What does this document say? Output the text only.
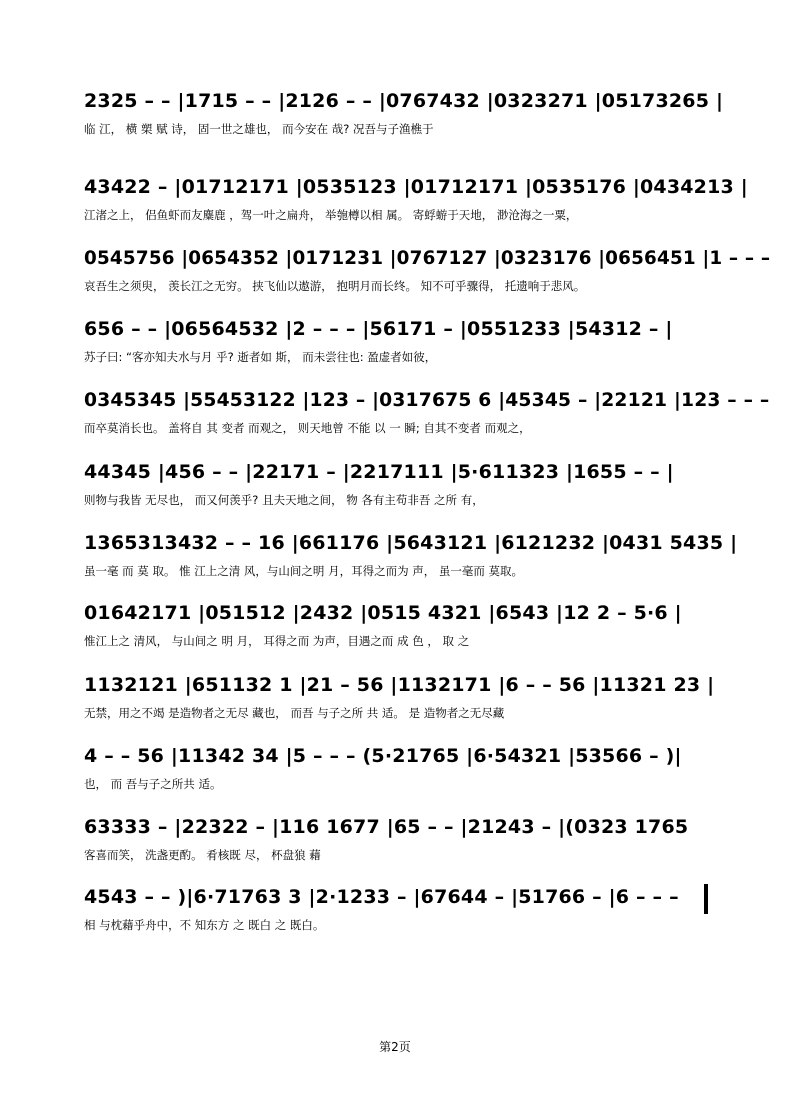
2325 – – |1715 – – |2126 – – |0767432 |0323271 |05173265 |
临 江， 横 槊 赋 诗， 固一世之雄也， 而今安在 哉? 况吾与子渔樵于
43422 – |01712171 |0535123 |01712171 |0535176 |0434213 |
江渚之上， 侣鱼虾而友麋鹿 ，驾一叶之扁舟， 举匏樽以相 属。 寄蜉蝣于天地， 渺沧海之一粟，
0545756 |0654352 |0171231 |0767127 |0323176 |0656451 |1 – – –
哀吾生之须臾， 羡长江之无穷。 挟飞仙以遨游， 抱明月而长终。 知不可乎骤得， 托遗响于悲风。
656 – – |06564532 |2 – – – |56171 – |0551233 |54312 – |
苏子曰: “客亦知夫水与月 乎? 逝者如 斯， 而未尝往也: 盈虚者如彼，
0345345 |55453122 |123 – |0317675 6 |45345 – |22121 |123 – – –
而卒莫消长也。 盖将自 其 变者 而观之， 则天地曾 不能 以 一 瞬; 自其不变者 而观之，
44345 |456 – – |22171 – |2217111 |5·611323 |1655 – – |
则物与我皆 无尽也， 而又何羡乎? 且夫天地之间， 物 各有主苟非吾 之所 有，
1365313432 – – 16 |661176 |5643121 |6121232 |0431 5435 |
虽一毫 而 莫 取。 惟 江上之清 风，与山间之明 月，耳得之而为 声， 虽一毫而 莫取。
01642171 |051512 |2432 |0515 4321 |6543 |12 2 – 5·6 |
惟江上之 清风， 与山间之 明 月， 耳得之而 为声，目遇之而 成 色 ， 取 之
1132121 |651132 1 |21 – 56 |1132171 |6 – – 56 |11321 23 |
无禁，用之不竭 是造物者之无尽 藏也， 而吾 与子之所 共 适。 是 造物者之无尽藏
4 – – 56 |11342 34 |5 – – – (5·21765 |6·54321 |53566 – )|
也， 而 吾与子之所共 适。
63333 – |22322 – |116 1677 |65 – – |21243 – |(0323 1765
客喜而笑， 洗盏更酌。 肴核既 尽， 杯盘狼 藉
4543 – – )|6·71763 3 |2·1233 – |67644 – |51766 – |6 – – –
相 与枕藉乎舟中，不 知东方 之 既白 之 既白。
第2页
